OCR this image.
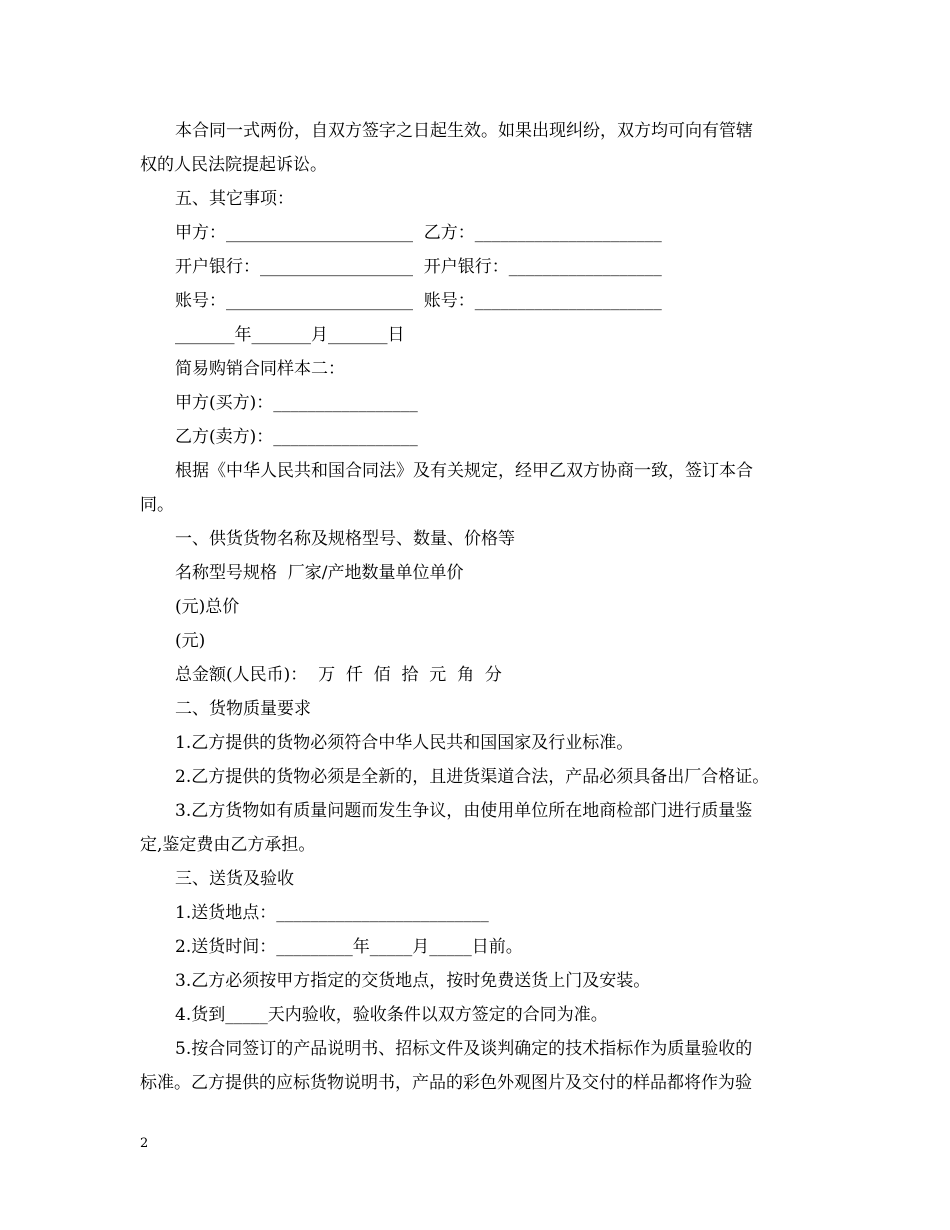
本合同一式两份，自双方签字之日起生效。如果出现纠纷，双方均可向有管辖
权的人民法院提起诉讼。
五、其它事项：
甲方：______________________  乙方：______________________
开户银行：__________________  开户银行：__________________
账号：______________________  账号：______________________
_______年_______月_______日
简易购销合同样本二：
甲方(买方)：_________________
乙方(卖方)：_________________
根据《中华人民共和国合同法》及有关规定，经甲乙双方协商一致，签订本合
同。
一、供货货物名称及规格型号、数量、价格等
名称型号规格  厂家/产地数量单位单价
(元)总价
(元)
总金额(人民币)：  万  仟  佰  拾  元  角  分
二、货物质量要求
1.乙方提供的货物必须符合中华人民共和国国家及行业标准。
2.乙方提供的货物必须是全新的，且进货渠道合法，产品必须具备出厂合格证。
3.乙方货物如有质量问题而发生争议，由使用单位所在地商检部门进行质量鉴
定,鉴定费由乙方承担。
三、送货及验收
1.送货地点：_________________________
2.送货时间：_________年_____月_____日前。
3.乙方必须按甲方指定的交货地点，按时免费送货上门及安装。
4.货到_____天内验收，验收条件以双方签定的合同为准。
5.按合同签订的产品说明书、招标文件及谈判确定的技术指标作为质量验收的
标准。乙方提供的应标货物说明书，产品的彩色外观图片及交付的样品都将作为验
2
